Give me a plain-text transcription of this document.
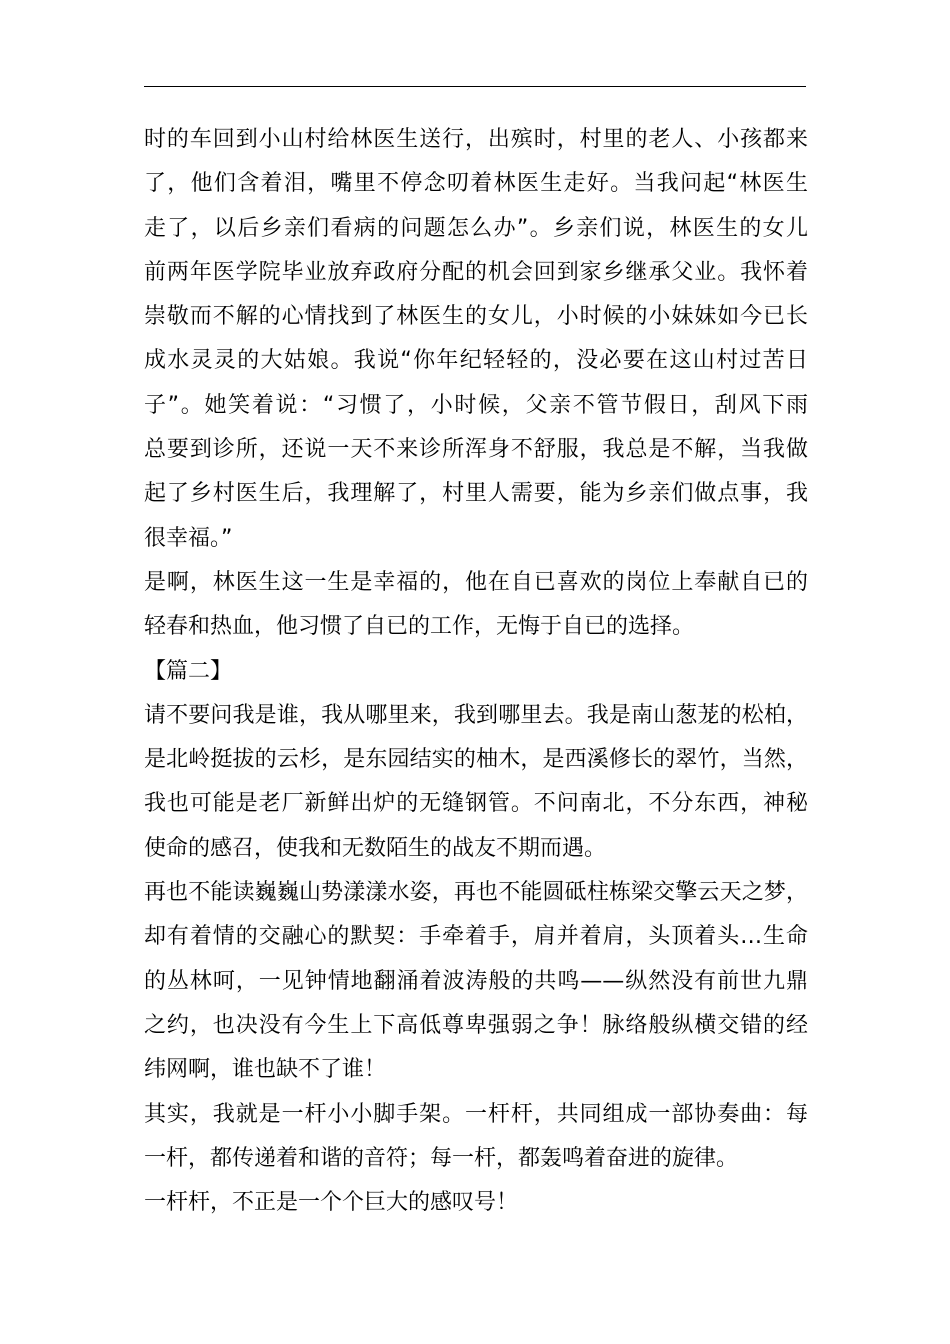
时的车回到小山村给林医生送行，出殡时，村里的老人、小孩都来
了，他们含着泪，嘴里不停念叨着林医生走好。当我问起“林医生
走了，以后乡亲们看病的问题怎么办”。乡亲们说，林医生的女儿
前两年医学院毕业放弃政府分配的机会回到家乡继承父业。我怀着
崇敬而不解的心情找到了林医生的女儿，小时候的小妹妹如今已长
成水灵灵的大姑娘。我说“你年纪轻轻的，没必要在这山村过苦日
子”。她笑着说：“习惯了，小时候，父亲不管节假日，刮风下雨
总要到诊所，还说一天不来诊所浑身不舒服，我总是不解，当我做
起了乡村医生后，我理解了，村里人需要，能为乡亲们做点事，我
很幸福。”
是啊，林医生这一生是幸福的，他在自已喜欢的岗位上奉献自已的
轻春和热血，他习惯了自已的工作，无悔于自已的选择。
【篇二】
请不要问我是谁，我从哪里来，我到哪里去。我是南山葱茏的松柏，
是北岭挺拔的云杉，是东园结实的柚木，是西溪修长的翠竹，当然，
我也可能是老厂新鲜出炉的无缝钢管。不问南北，不分东西，神秘
使命的感召，使我和无数陌生的战友不期而遇。
再也不能读巍巍山势漾漾水姿，再也不能圆砥柱栋梁交擎云天之梦，
却有着情的交融心的默契：手牵着手，肩并着肩，头顶着头…生命
的丛林呵，一见钟情地翻涌着波涛般的共鸣——纵然没有前世九鼎
之约，也决没有今生上下高低尊卑强弱之争！脉络般纵横交错的经
纬网啊，谁也缺不了谁！
其实，我就是一杆小小脚手架。一杆杆，共同组成一部协奏曲：每
一杆，都传递着和谐的音符；每一杆，都轰鸣着奋进的旋律。
一杆杆，不正是一个个巨大的感叹号！
